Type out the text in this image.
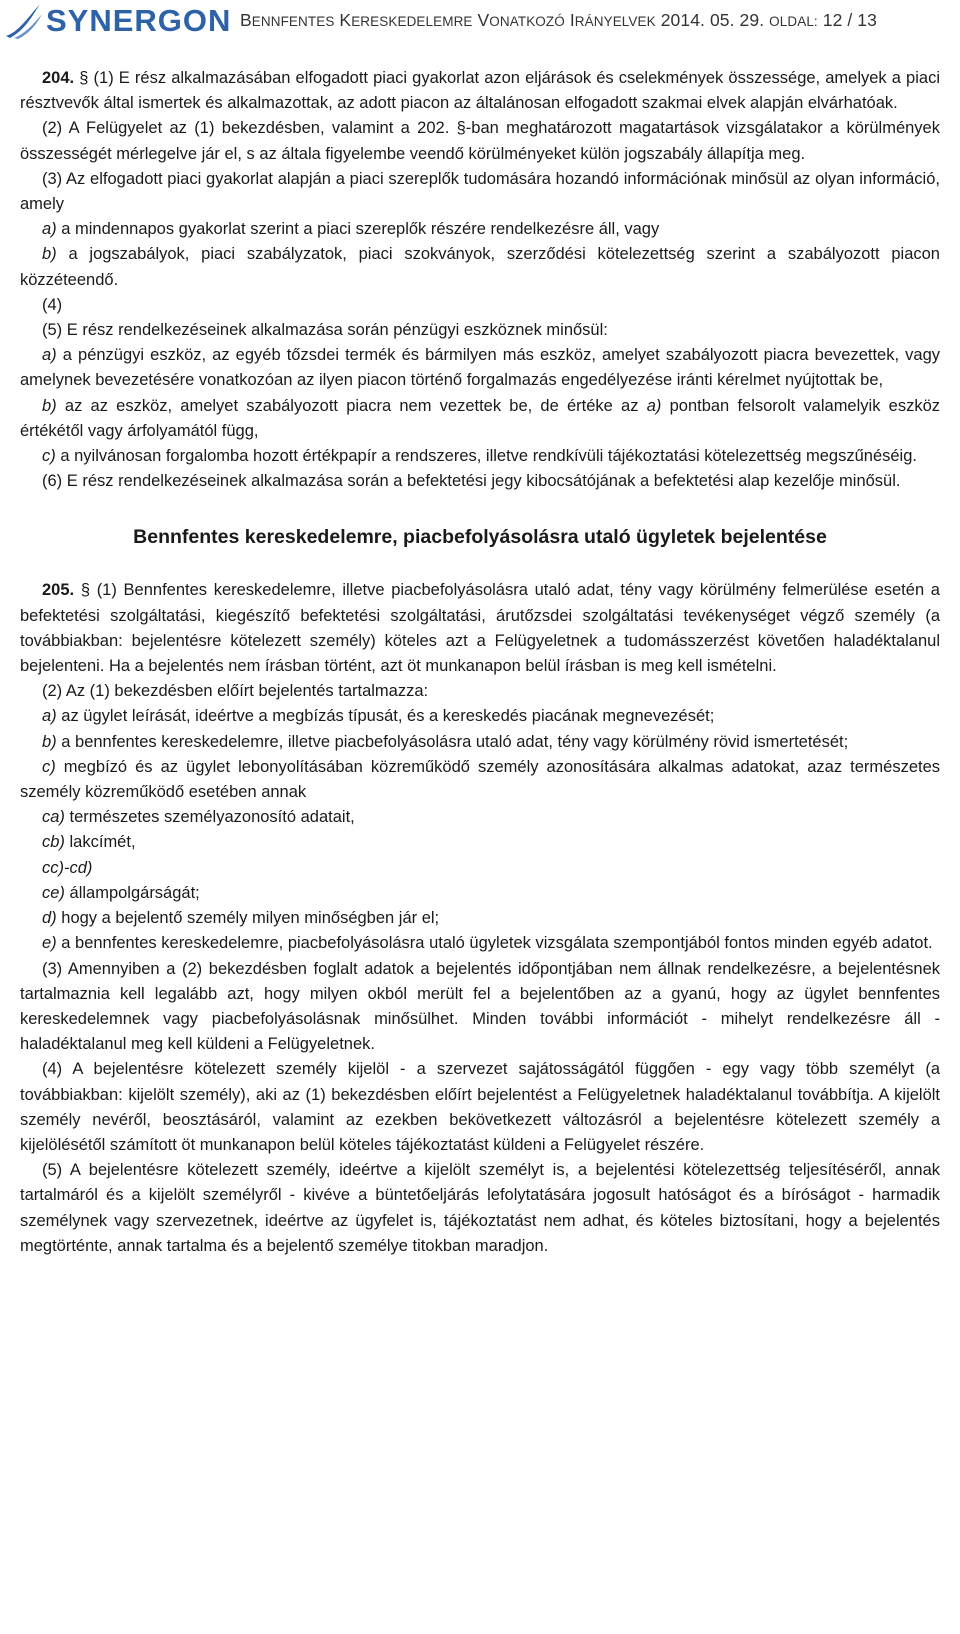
SYNERGON BENNFENTES KERESKEDELEMRE VONATKOZÓ IRÁNYELVEK 2014. 05. 29. OLDAL: 12 / 13

204. § (1) E rész alkalmazásában elfogadott piaci gyakorlat azon eljárások és cselekmények összessége, amelyek a piaci résztvevők által ismertek és alkalmazottak, az adott piacon az általánosan elfogadott szakmai elvek alapján elvárhatóak.

(2) A Felügyelet az (1) bekezdésben, valamint a 202. §-ban meghatározott magatartások vizsgálatakor a körülmények összességét mérlegelve jár el, s az általa figyelembe veendő körülményeket külön jogszabály állapítja meg.

(3) Az elfogadott piaci gyakorlat alapján a piaci szereplők tudomására hozandó információnak minősül az olyan információ, amely

a) a mindennapos gyakorlat szerint a piaci szereplők részére rendelkezésre áll, vagy

b) a jogszabályok, piaci szabályzatok, piaci szokványok, szerződési kötelezettség szerint a szabályozott piacon közzéteendő.

(4)

(5) E rész rendelkezéseinek alkalmazása során pénzügyi eszköznek minősül:

a) a pénzügyi eszköz, az egyéb tőzsdei termék és bármilyen más eszköz, amelyet szabályozott piacra bevezettek, vagy amelynek bevezetésére vonatkozóan az ilyen piacon történő forgalmazás engedélyezése iránti kérelmet nyújtottak be,

b) az az eszköz, amelyet szabályozott piacra nem vezettek be, de értéke az a) pontban felsorolt valamelyik eszköz értékétől vagy árfolyamától függ,

c) a nyilvánosan forgalomba hozott értékpapír a rendszeres, illetve rendkívüli tájékoztatási kötelezettség megszűnéséig.

(6) E rész rendelkezéseinek alkalmazása során a befektetési jegy kibocsátójának a befektetési alap kezelője minősül.

Bennfentes kereskedelemre, piacbefolyásolásra utaló ügyletek bejelentése

205. § (1) Bennfentes kereskedelemre, illetve piacbefolyásolásra utaló adat, tény vagy körülmény felmerülése esetén a befektetési szolgáltatási, kiegészítő befektetési szolgáltatási, árutőzsdei szolgáltatási tevékenységet végző személy (a továbbiakban: bejelentésre kötelezett személy) köteles azt a Felügyeletnek a tudomásszerzést követően haladéktalanul bejelenteni. Ha a bejelentés nem írásban történt, azt öt munkanapon belül írásban is meg kell ismételni.

(2) Az (1) bekezdésben előírt bejelentés tartalmazza:

a) az ügylet leírását, ideértve a megbízás típusát, és a kereskedés piacának megnevezését;

b) a bennfentes kereskedelemre, illetve piacbefolyásolásra utaló adat, tény vagy körülmény rövid ismertetését;

c) megbízó és az ügylet lebonyolításában közreműködő személy azonosítására alkalmas adatokat, azaz természetes személy közreműködő esetében annak

ca) természetes személyazonosító adatait,

cb) lakcímét,

cc)-cd)

ce) állampolgárságát;

d) hogy a bejelentő személy milyen minőségben jár el;

e) a bennfentes kereskedelemre, piacbefolyásolásra utaló ügyletek vizsgálata szempontjából fontos minden egyéb adatot.

(3) Amennyiben a (2) bekezdésben foglalt adatok a bejelentés időpontjában nem állnak rendelkezésre, a bejelentésnek tartalmaznia kell legalább azt, hogy milyen okból merült fel a bejelentőben az a gyanú, hogy az ügylet bennfentes kereskedelemnek vagy piacbefolyásolásnak minősülhet. Minden további információt - mihelyt rendelkezésre áll - haladéktalanul meg kell küldeni a Felügyeletnek.

(4) A bejelentésre kötelezett személy kijelöl - a szervezet sajátosságától függően - egy vagy több személyt (a továbbiakban: kijelölt személy), aki az (1) bekezdésben előírt bejelentést a Felügyeletnek haladéktalanul továbbítja. A kijelölt személy nevéről, beosztásáról, valamint az ezekben bekövetkezett változásról a bejelentésre kötelezett személy a kijelölésétől számított öt munkanapon belül köteles tájékoztatást küldeni a Felügyelet részére.

(5) A bejelentésre kötelezett személy, ideértve a kijelölt személyt is, a bejelentési kötelezettség teljesítéséről, annak tartalmáról és a kijelölt személyről - kivéve a büntetőeljárás lefolytatására jogosult hatóságot és a bíróságot - harmadik személynek vagy szervezetnek, ideértve az ügyfelet is, tájékoztatást nem adhat, és köteles biztosítani, hogy a bejelentés megtörténte, annak tartalma és a bejelentő személye titokban maradjon.
